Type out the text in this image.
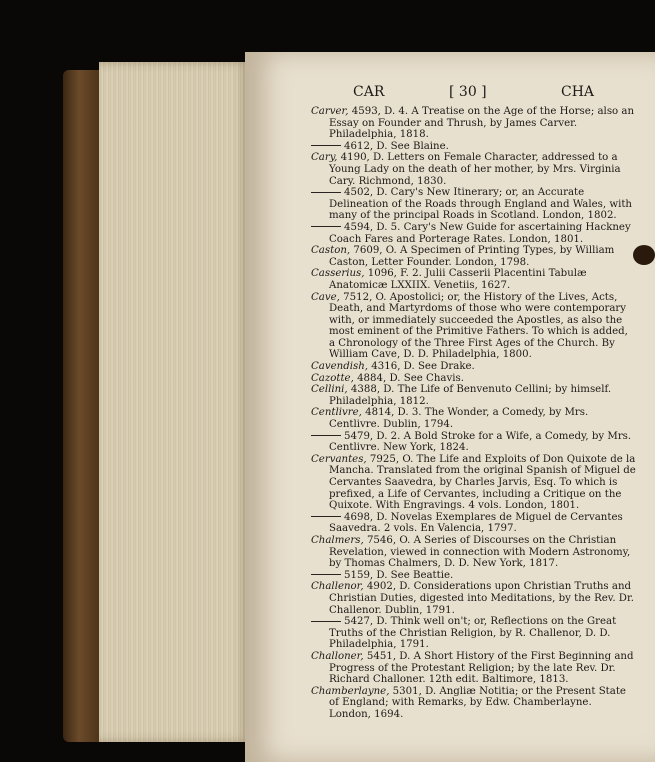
CAR	[ 30 ]	CHA

Carver, 4593, D. 4. A Treatise on the Age of the Horse; also an Essay on Founder and Thrush, by James Carver. Philadelphia, 1818.

4612, D. See Blaine.

Cary, 4190, D. Letters on Female Character, addressed to a Young Lady on the death of her mother, by Mrs. Virginia Cary. Richmond, 1830.

4502, D. Cary's New Itinerary; or, an Accurate Delineation of the Roads through England and Wales, with many of the principal Roads in Scotland. London, 1802.

4594, D. 5. Cary's New Guide for ascertaining Hackney Coach Fares and Porterage Rates. London, 1801.

Caston, 7609, O. A Specimen of Printing Types, by William Caston, Letter Founder. London, 1798.

Casserius, 1096, F. 2. Julii Casserii Placentini Tabulæ Anatomicæ LXXIIX. Venetiis, 1627.

Cave, 7512, O. Apostolici; or, the History of the Lives, Acts, Death, and Martyrdoms of those who were contemporary with, or immediately succeeded the Apostles, as also the most eminent of the Primitive Fathers. To which is added, a Chronology of the Three First Ages of the Church. By William Cave, D. D. Philadelphia, 1800.

Cavendish, 4316, D. See Drake.

Cazotte, 4884, D. See Chavis.

Cellini, 4388, D. The Life of Benvenuto Cellini; by himself. Philadelphia, 1812.

Centlivre, 4814, D. 3. The Wonder, a Comedy, by Mrs. Centlivre. Dublin, 1794.

5479, D. 2. A Bold Stroke for a Wife, a Comedy, by Mrs. Centlivre. New York, 1824.

Cervantes, 7925, O. The Life and Exploits of Don Quixote de la Mancha. Translated from the original Spanish of Miguel de Cervantes Saavedra, by Charles Jarvis, Esq. To which is prefixed, a Life of Cervantes, including a Critique on the Quixote. With Engravings. 4 vols. London, 1801.

4698, D. Novelas Exemplares de Miguel de Cervantes Saavedra. 2 vols. En Valencia, 1797.

Chalmers, 7546, O. A Series of Discourses on the Christian Revelation, viewed in connection with Modern Astronomy, by Thomas Chalmers, D. D. New York, 1817.

5159, D. See Beattie.

Challenor, 4902, D. Considerations upon Christian Truths and Christian Duties, digested into Meditations, by the Rev. Dr. Challenor. Dublin, 1791.

5427, D. Think well on't; or, Reflections on the Great Truths of the Christian Religion, by R. Challenor, D. D. Philadelphia, 1791.

Challoner, 5451, D. A Short History of the First Beginning and Progress of the Protestant Religion; by the late Rev. Dr. Richard Challoner. 12th edit. Baltimore, 1813.

Chamberlayne, 5301, D. Angliæ Notitia; or the Present State of England; with Remarks, by Edw. Chamberlayne. London, 1694.
